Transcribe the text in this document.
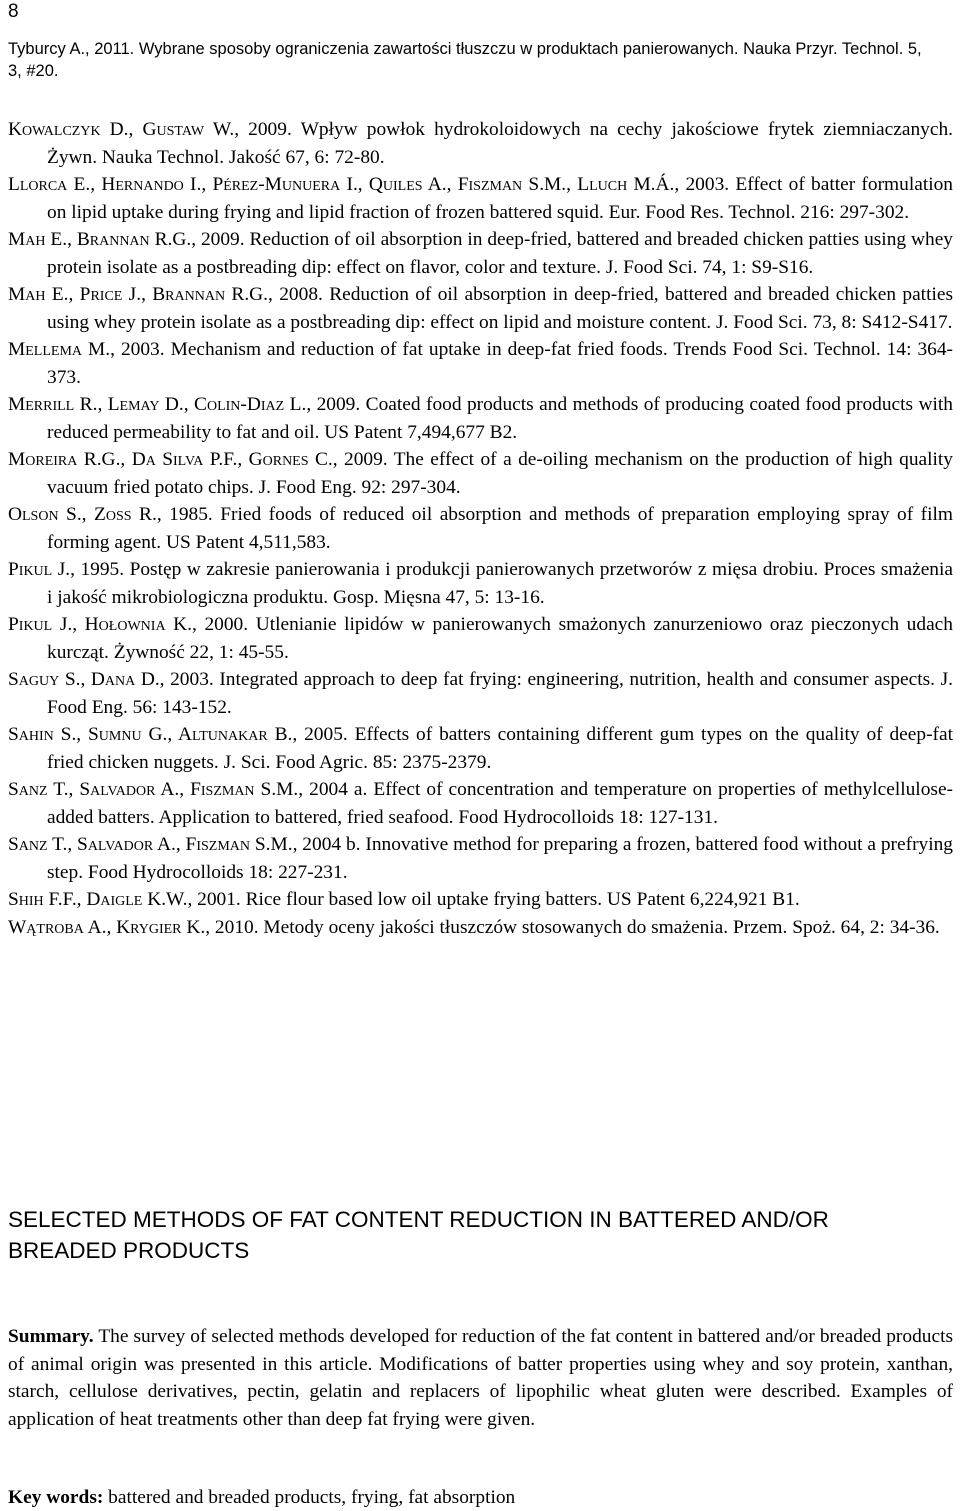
8
Tyburcy A., 2011. Wybrane sposoby ograniczenia zawartości tłuszczu w produktach panierowanych. Nauka Przyr. Technol. 5, 3, #20.
Kowalczyk D., Gustaw W., 2009. Wpływ powłok hydrokoloidowych na cechy jakościowe frytek ziemniaczanych. Żywn. Nauka Technol. Jakość 67, 6: 72-80.
Llorca E., Hernando I., Pérez-Munuera I., Quiles A., Fiszman S.M., Lluch M.Á., 2003. Effect of batter formulation on lipid uptake during frying and lipid fraction of frozen battered squid. Eur. Food Res. Technol. 216: 297-302.
Mah E., Brannan R.G., 2009. Reduction of oil absorption in deep-fried, battered and breaded chicken patties using whey protein isolate as a postbreading dip: effect on flavor, color and texture. J. Food Sci. 74, 1: S9-S16.
Mah E., Price J., Brannan R.G., 2008. Reduction of oil absorption in deep-fried, battered and breaded chicken patties using whey protein isolate as a postbreading dip: effect on lipid and moisture content. J. Food Sci. 73, 8: S412-S417.
Mellema M., 2003. Mechanism and reduction of fat uptake in deep-fat fried foods. Trends Food Sci. Technol. 14: 364-373.
Merrill R., Lemay D., Colin-Diaz L., 2009. Coated food products and methods of producing coated food products with reduced permeability to fat and oil. US Patent 7,494,677 B2.
Moreira R.G., Da Silva P.F., Gornes C., 2009. The effect of a de-oiling mechanism on the production of high quality vacuum fried potato chips. J. Food Eng. 92: 297-304.
Olson S., Zoss R., 1985. Fried foods of reduced oil absorption and methods of preparation employing spray of film forming agent. US Patent 4,511,583.
Pikul J., 1995. Postęp w zakresie panierowania i produkcji panierowanych przetworów z mięsa drobiu. Proces smażenia i jakość mikrobiologiczna produktu. Gosp. Mięsna 47, 5: 13-16.
Pikul J., Hołownia K., 2000. Utlenianie lipidów w panierowanych smażonych zanurzeniowo oraz pieczonych udach kurcząt. Żywność 22, 1: 45-55.
Saguy S., Dana D., 2003. Integrated approach to deep fat frying: engineering, nutrition, health and consumer aspects. J. Food Eng. 56: 143-152.
Sahin S., Sumnu G., Altunakar B., 2005. Effects of batters containing different gum types on the quality of deep-fat fried chicken nuggets. J. Sci. Food Agric. 85: 2375-2379.
Sanz T., Salvador A., Fiszman S.M., 2004 a. Effect of concentration and temperature on properties of methylcellulose-added batters. Application to battered, fried seafood. Food Hydrocolloids 18: 127-131.
Sanz T., Salvador A., Fiszman S.M., 2004 b. Innovative method for preparing a frozen, battered food without a prefrying step. Food Hydrocolloids 18: 227-231.
Shih F.F., Daigle K.W., 2001. Rice flour based low oil uptake frying batters. US Patent 6,224,921 B1.
Wątroba A., Krygier K., 2010. Metody oceny jakości tłuszczów stosowanych do smażenia. Przem. Spoż. 64, 2: 34-36.
SELECTED METHODS OF FAT CONTENT REDUCTION IN BATTERED AND/OR BREADED PRODUCTS

Summary. The survey of selected methods developed for reduction of the fat content in battered and/or breaded products of animal origin was presented in this article. Modifications of batter properties using whey and soy protein, xanthan, starch, cellulose derivatives, pectin, gelatin and replacers of lipophilic wheat gluten were described. Examples of application of heat treatments other than deep fat frying were given.

Key words: battered and breaded products, frying, fat absorption
